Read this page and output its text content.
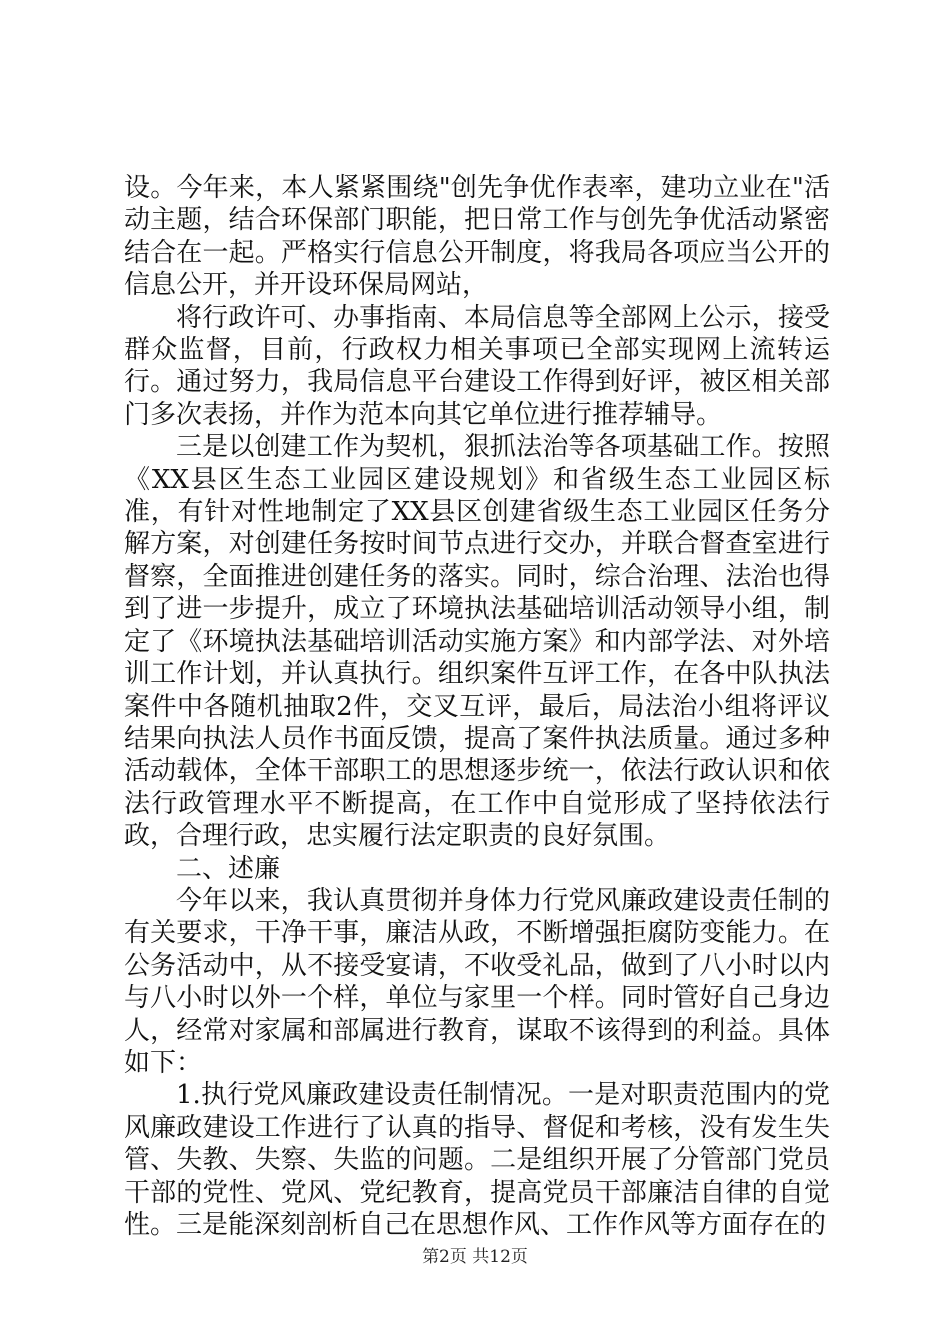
设。今年来，本人紧紧围绕"创先争优作表率，建功立业在"活动主题，结合环保部门职能，把日常工作与创先争优活动紧密结合在一起。严格实行信息公开制度，将我局各项应当公开的信息公开，并开设环保局网站，

将行政许可、办事指南、本局信息等全部网上公示，接受群众监督，目前，行政权力相关事项已全部实现网上流转运行。通过努力，我局信息平台建设工作得到好评，被区相关部门多次表扬，并作为范本向其它单位进行推荐辅导。

三是以创建工作为契机，狠抓法治等各项基础工作。按照《XX县区生态工业园区建设规划》和省级生态工业园区标准，有针对性地制定了XX县区创建省级生态工业园区任务分解方案，对创建任务按时间节点进行交办，并联合督查室进行督察，全面推进创建任务的落实。同时，综合治理、法治也得到了进一步提升，成立了环境执法基础培训活动领导小组，制定了《环境执法基础培训活动实施方案》和内部学法、对外培训工作计划，并认真执行。组织案件互评工作，在各中队执法案件中各随机抽取2件，交叉互评，最后，局法治小组将评议结果向执法人员作书面反馈，提高了案件执法质量。通过多种活动载体，全体干部职工的思想逐步统一，依法行政认识和依法行政管理水平不断提高，在工作中自觉形成了坚持依法行政，合理行政，忠实履行法定职责的良好氛围。

二、述廉

今年以来，我认真贯彻并身体力行党风廉政建设责任制的有关要求，干净干事，廉洁从政，不断增强拒腐防变能力。在公务活动中，从不接受宴请，不收受礼品，做到了八小时以内与八小时以外一个样，单位与家里一个样。同时管好自己身边人，经常对家属和部属进行教育，谋取不该得到的利益。具体如下：

1.执行党风廉政建设责任制情况。一是对职责范围内的党风廉政建设工作进行了认真的指导、督促和考核，没有发生失管、失教、失察、失监的问题。二是组织开展了分管部门党员干部的党性、党风、党纪教育，提高党员干部廉洁自律的自觉性。三是能深刻剖析自己在思想作风、工作作风等方面存在的

第2页 共12页
